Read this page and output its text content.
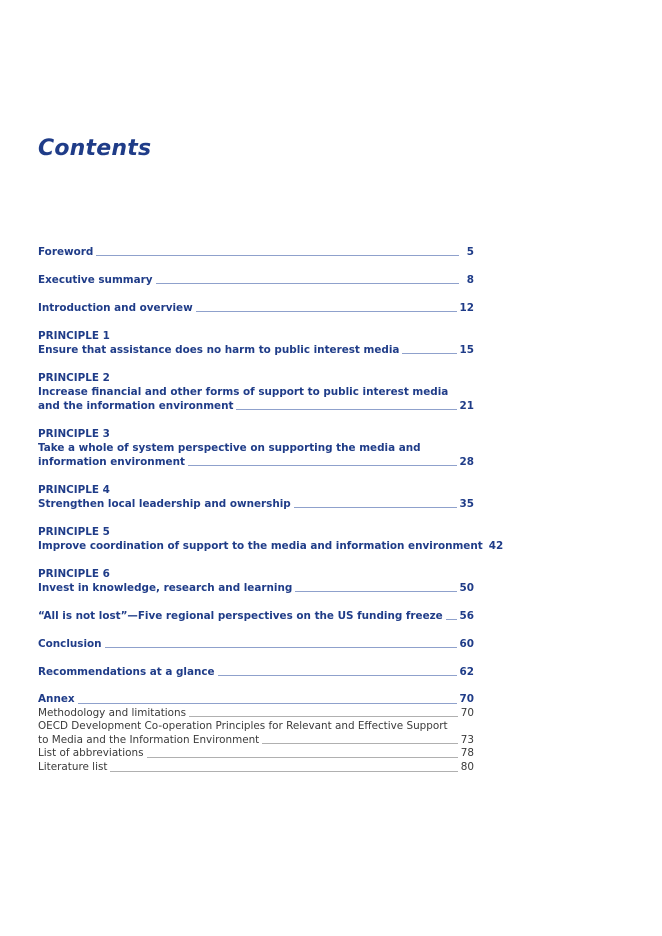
Contents
Foreword	5
Executive summary	8
Introduction and overview	12
PRINCIPLE 1
Ensure that assistance does no harm to public interest media	15
PRINCIPLE 2
Increase financial and other forms of support to public interest media
and the information environment	21
PRINCIPLE 3
Take a whole of system perspective on supporting the media and
information environment	28
PRINCIPLE 4
Strengthen local leadership and ownership	35
PRINCIPLE 5
Improve coordination of support to the media and information environment 42
PRINCIPLE 6
Invest in knowledge, research and learning	50
“All is not lost”—Five regional perspectives on the US funding freeze 56
Conclusion	60
Recommendations at a glance	62
Annex	70
Methodology and limitations	70
OECD Development Co-operation Principles for Relevant and Effective Support
to Media and the Information Environment	73
List of abbreviations	78
Literature list	80
